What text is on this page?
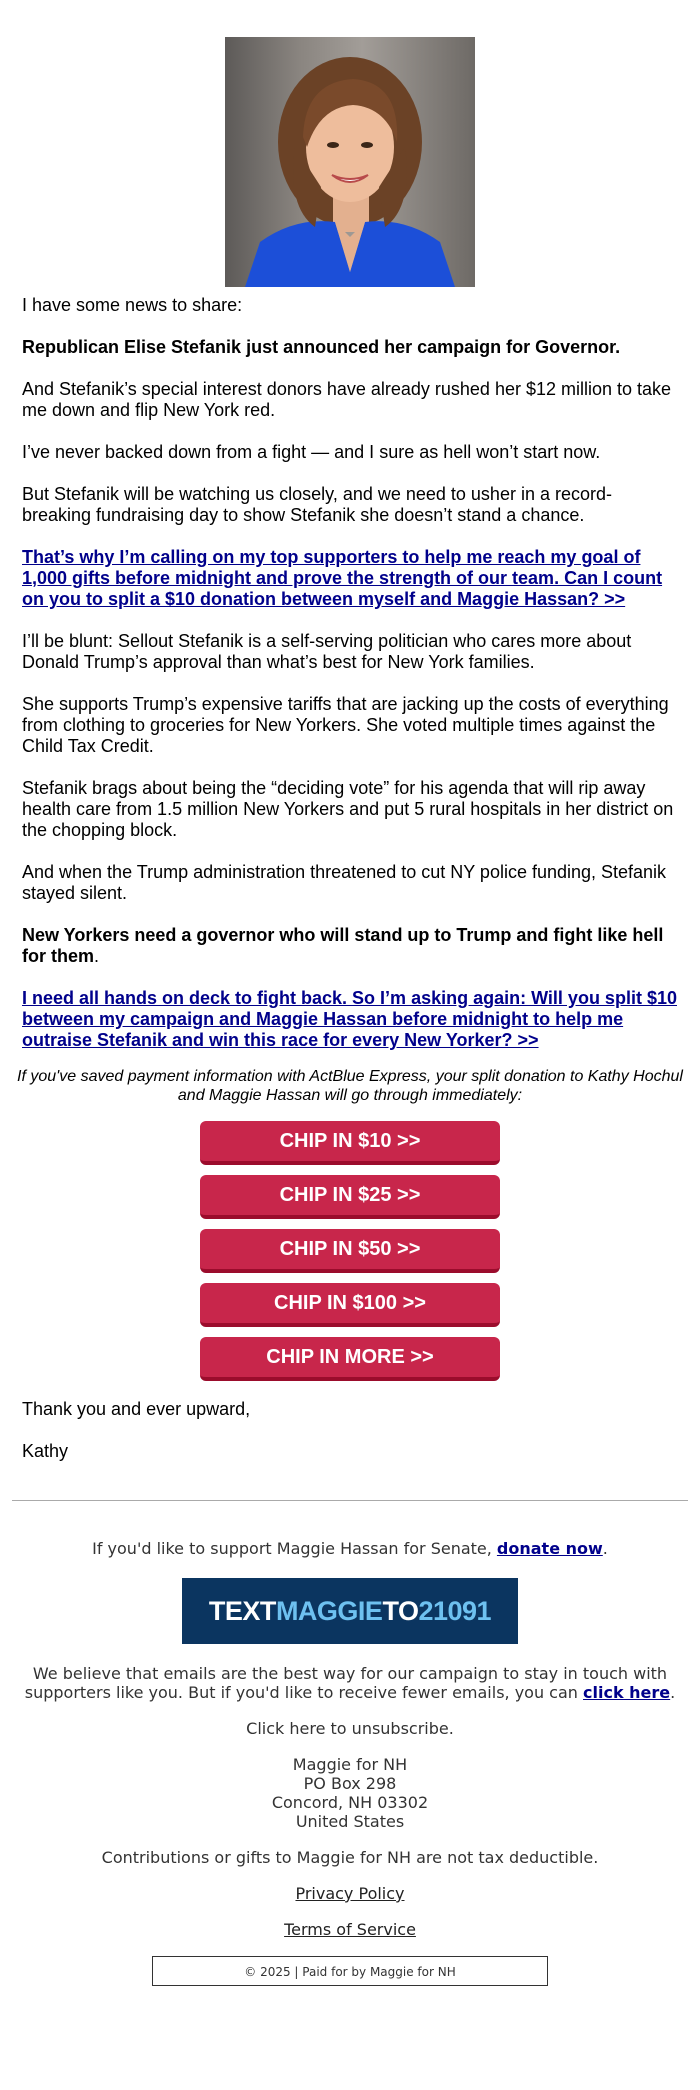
I have some news to share:

Republican Elise Stefanik just announced her campaign for Governor.

And Stefanik’s special interest donors have already rushed her $12 million to take me down and flip New York red.

I’ve never backed down from a fight — and I sure as hell won’t start now.

But Stefanik will be watching us closely, and we need to usher in a record-breaking fundraising day to show Stefanik she doesn’t stand a chance.

That’s why I’m calling on my top supporters to help me reach my goal of 1,000 gifts before midnight and prove the strength of our team. Can I count on you to split a $10 donation between myself and Maggie Hassan? >>

I’ll be blunt: Sellout Stefanik is a self-serving politician who cares more about Donald Trump’s approval than what’s best for New York families.

She supports Trump’s expensive tariffs that are jacking up the costs of everything from clothing to groceries for New Yorkers. She voted multiple times against the Child Tax Credit.

Stefanik brags about being the “deciding vote” for his agenda that will rip away health care from 1.5 million New Yorkers and put 5 rural hospitals in her district on the chopping block.

And when the Trump administration threatened to cut NY police funding, Stefanik stayed silent.

New Yorkers need a governor who will stand up to Trump and fight like hell for them.

I need all hands on deck to fight back. So I’m asking again: Will you split $10 between my campaign and Maggie Hassan before midnight to help me outraise Stefanik and win this race for every New Yorker? >>

If you've saved payment information with ActBlue Express, your split donation to Kathy Hochul and Maggie Hassan will go through immediately:
CHIP IN $10 >>
CHIP IN $25 >>
CHIP IN $50 >>
CHIP IN $100 >>
CHIP IN MORE >>

Thank you and ever upward,

Kathy

If you'd like to support Maggie Hassan for Senate, donate now.
TEXT MAGGIE TO 21091
We believe that emails are the best way for our campaign to stay in touch with supporters like you. But if you'd like to receive fewer emails, you can click here.
Click here to unsubscribe.
Maggie for NH
PO Box 298
Concord, NH 03302
United States
Contributions or gifts to Maggie for NH are not tax deductible.
Privacy Policy
Terms of Service
© 2025 | Paid for by Maggie for NH
